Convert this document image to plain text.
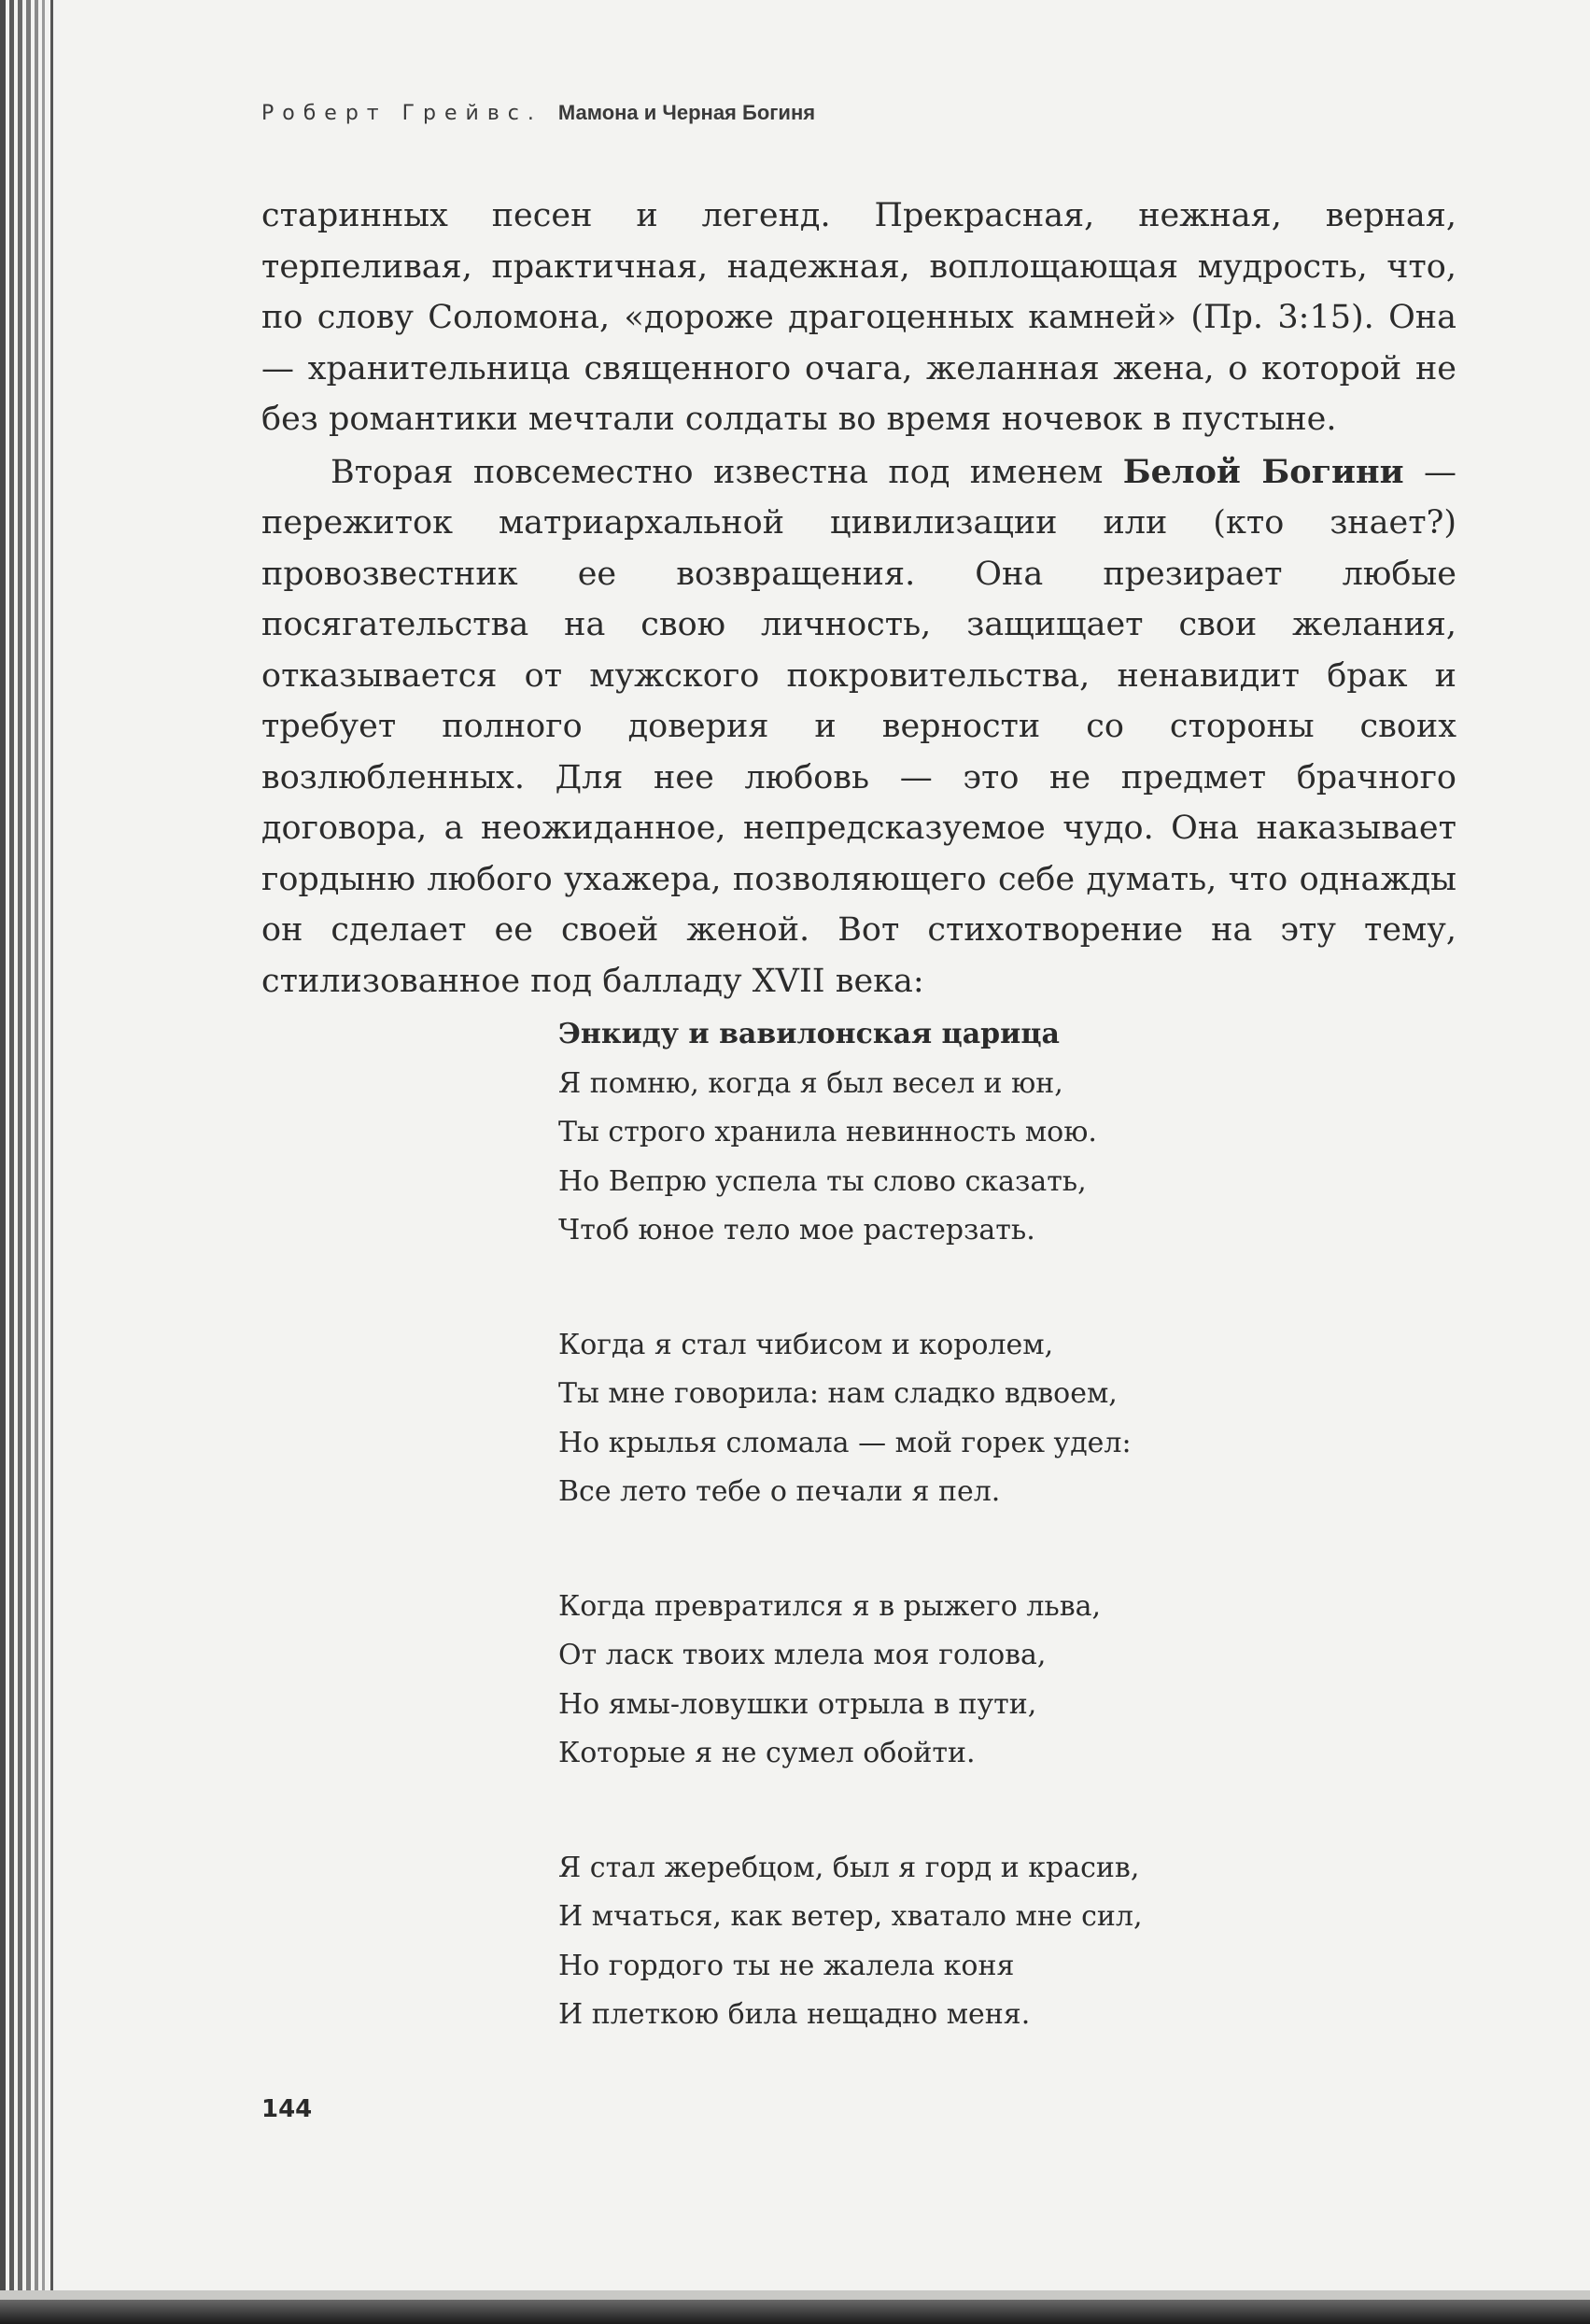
Роберт Грейвс. Мамона и Черная Богиня

старинных песен и легенд. Прекрасная, нежная, верная, терпеливая, практичная, надежная, воплощающая мудрость, что, по слову Соломона, «дороже драгоценных камней» (Пр. 3:15). Она — хранительница священного очага, желанная жена, о которой не без романтики мечтали солдаты во время ночевок в пустыне.

Вторая повсеместно известна под именем Белой Богини — пережиток матриархальной цивилизации или (кто знает?) провозвестник ее возвращения. Она презирает любые посягательства на свою личность, защищает свои желания, отказывается от мужского покровительства, ненавидит брак и требует полного доверия и верности со стороны своих возлюбленных. Для нее любовь — это не предмет брачного договора, а неожиданное, непредсказуемое чудо. Она наказывает гордыню любого ухажера, позволяющего себе думать, что однажды он сделает ее своей женой. Вот стихотворение на эту тему, стилизованное под балладу XVII века:

Энкиду и вавилонская царица
Я помню, когда я был весел и юн,
Ты строго хранила невинность мою.
Но Вепрю успела ты слово сказать,
Чтоб юное тело мое растерзать.
Когда я стал чибисом и королем,
Ты мне говорила: нам сладко вдвоем,
Но крылья сломала — мой горек удел:
Все лето тебе о печали я пел.
Когда превратился я в рыжего льва,
От ласк твоих млела моя голова,
Но ямы-ловушки отрыла в пути,
Которые я не сумел обойти.
Я стал жеребцом, был я горд и красив,
И мчаться, как ветер, хватало мне сил,
Но гордого ты не жалела коня
И плеткою била нещадно меня.
144
